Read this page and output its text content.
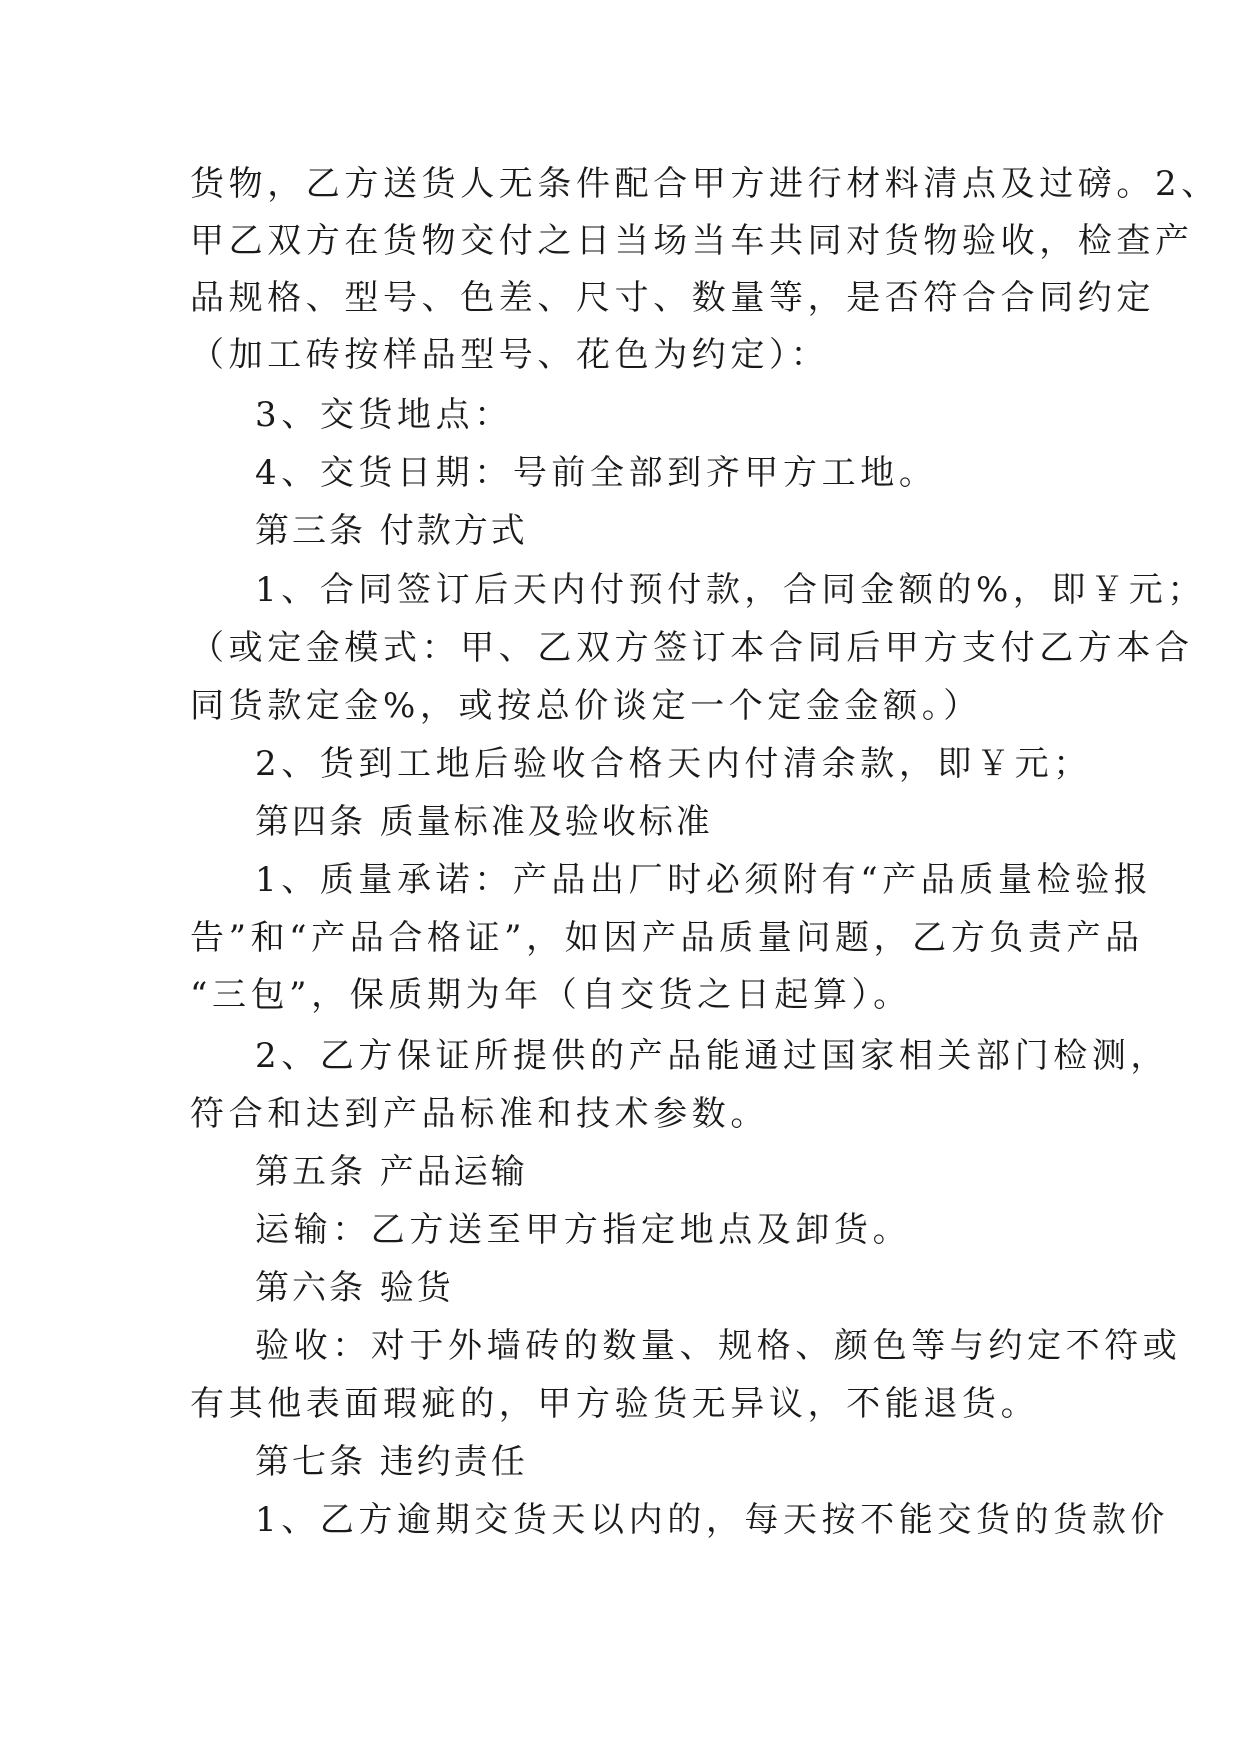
货物，乙方送货人无条件配合甲方进行材料清点及过磅。2、
甲乙双方在货物交付之日当场当车共同对货物验收，检查产
品规格、型号、色差、尺寸、数量等，是否符合合同约定
（加工砖按样品型号、花色为约定）：
3、交货地点：
4、交货日期：号前全部到齐甲方工地。
第三条 付款方式
1、合同签订后天内付预付款，合同金额的%，即￥元；
（或定金模式：甲、乙双方签订本合同后甲方支付乙方本合
同货款定金%，或按总价谈定一个定金金额。）
2、货到工地后验收合格天内付清余款，即￥元；
第四条 质量标准及验收标准
1、质量承诺：产品出厂时必须附有“产品质量检验报
告”和“产品合格证”，如因产品质量问题，乙方负责产品
“三包”，保质期为年（自交货之日起算）。
2、乙方保证所提供的产品能通过国家相关部门检测，
符合和达到产品标准和技术参数。
第五条 产品运输
运输：乙方送至甲方指定地点及卸货。
第六条 验货
验收：对于外墙砖的数量、规格、颜色等与约定不符或
有其他表面瑕疵的，甲方验货无异议，不能退货。
第七条 违约责任
1、乙方逾期交货天以内的，每天按不能交货的货款价
